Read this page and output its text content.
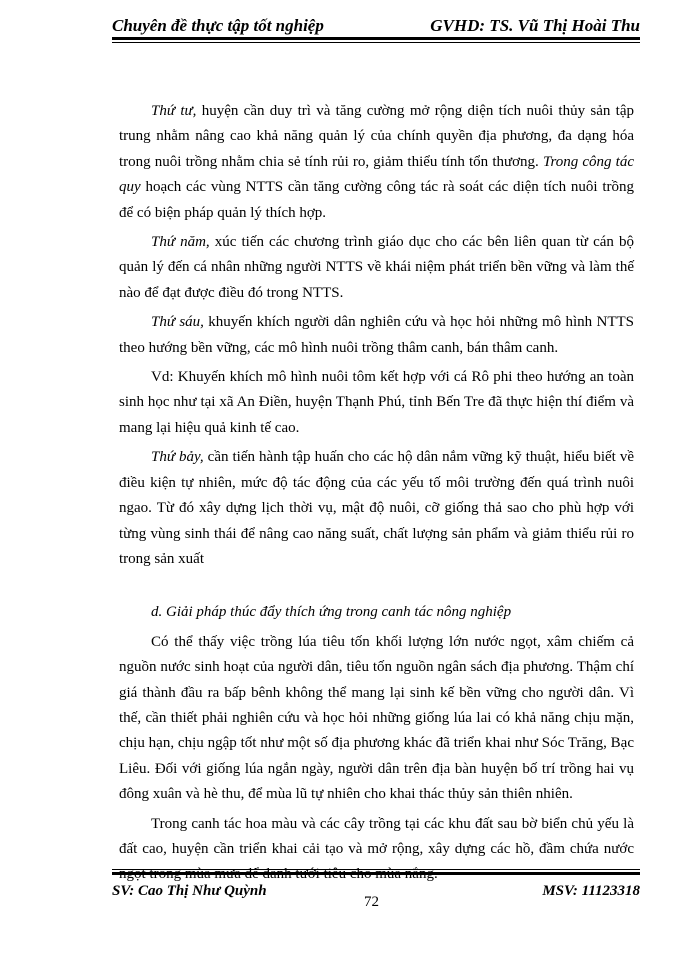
Chuyên đề thực tập tốt nghiệp	GVHD: TS. Vũ Thị Hoài Thu

Thứ tư, huyện cần duy trì và tăng cường mở rộng diện tích nuôi thủy sản tập trung nhằm nâng cao khả năng quản lý của chính quyền địa phương, đa dạng hóa trong nuôi trồng nhằm chia sẻ tính rủi ro, giảm thiểu tính tổn thương. Trong công tác quy hoạch các vùng NTTS cần tăng cường công tác rà soát các diện tích nuôi trồng để có biện pháp quản lý thích hợp.

Thứ năm, xúc tiến các chương trình giáo dục cho các bên liên quan từ cán bộ quản lý đến cá nhân những người NTTS về khái niệm phát triển bền vững và làm thế nào để đạt được điều đó trong NTTS.

Thứ sáu, khuyến khích người dân nghiên cứu và học hỏi những mô hình NTTS theo hướng bền vững, các mô hình nuôi trồng thâm canh, bán thâm canh.

Vd: Khuyến khích mô hình nuôi tôm kết hợp với cá Rô phi theo hướng an toàn sinh học như tại xã An Điền, huyện Thạnh Phú, tỉnh Bến Tre đã thực hiện thí điểm và mang lại hiệu quả kinh tế cao.

Thứ bảy, cần tiến hành tập huấn cho các hộ dân nắm vững kỹ thuật, hiểu biết về điều kiện tự nhiên, mức độ tác động của các yếu tố môi trường đến quá trình nuôi ngao. Từ đó xây dựng lịch thời vụ, mật độ nuôi, cỡ giống thả sao cho phù hợp với từng vùng sinh thái để nâng cao năng suất, chất lượng sản phẩm và giảm thiểu rủi ro trong sản xuất

d. Giải pháp thúc đẩy thích ứng trong canh tác nông nghiệp

Có thể thấy việc trồng lúa tiêu tốn khối lượng lớn nước ngọt, xâm chiếm cả nguồn nước sinh hoạt của người dân, tiêu tốn nguồn ngân sách địa phương. Thậm chí giá thành đầu ra bấp bênh không thể mang lại sinh kế bền vững cho người dân. Vì thế, cần thiết phải nghiên cứu và học hỏi những giống lúa lai có khả năng chịu mặn, chịu hạn, chịu ngập tốt như một số địa phương khác đã triển khai như Sóc Trăng, Bạc Liêu. Đối với giống lúa ngắn ngày, người dân trên địa bàn huyện bố trí trồng hai vụ đông xuân và hè thu, để mùa lũ tự nhiên cho khai thác thủy sản thiên nhiên.

Trong canh tác hoa màu và các cây trồng tại các khu đất sau bờ biển chủ yếu là đất cao, huyện cần triển khai cải tạo và mở rộng, xây dựng các hồ, đầm chứa nước

SV: Cao Thị Như Quỳnh
72
MSV: 11123318
